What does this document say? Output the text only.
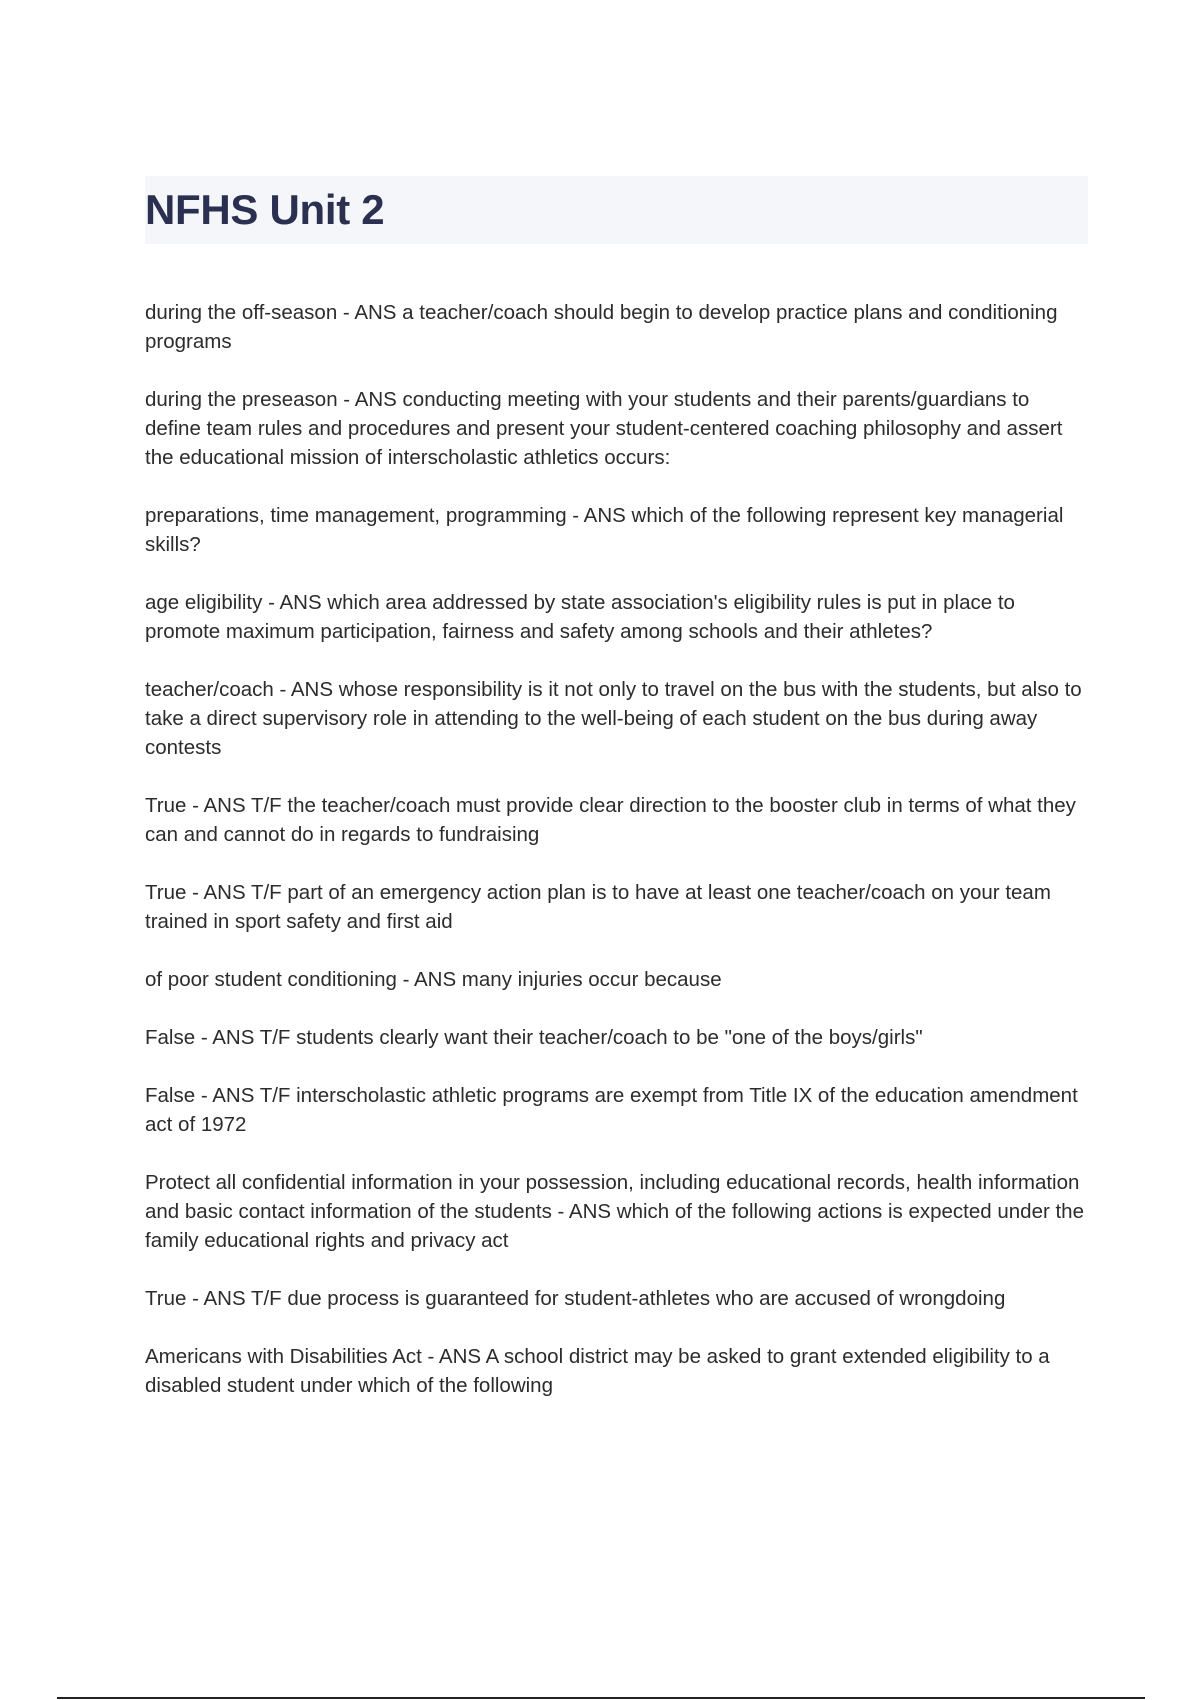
NFHS Unit 2

during the off-season - ANS a teacher/coach should begin to develop practice plans and conditioning programs

during the preseason - ANS conducting meeting with your students and their parents/guardians to define team rules and procedures and present your student-centered coaching philosophy and assert the educational mission of interscholastic athletics occurs:

preparations, time management, programming - ANS which of the following represent key managerial skills?

age eligibility - ANS which area addressed by state association's eligibility rules is put in place to promote maximum participation, fairness and safety among schools and their athletes?

teacher/coach - ANS whose responsibility is it not only to travel on the bus with the students, but also to take a direct supervisory role in attending to the well-being of each student on the bus during away contests

True - ANS T/F the teacher/coach must provide clear direction to the booster club in terms of what they can and cannot do in regards to fundraising

True - ANS T/F part of an emergency action plan is to have at least one teacher/coach on your team trained in sport safety and first aid

of poor student conditioning - ANS many injuries occur because

False - ANS T/F students clearly want their teacher/coach to be "one of the boys/girls"

False - ANS T/F interscholastic athletic programs are exempt from Title IX of the education amendment act of 1972

Protect all confidential information in your possession, including educational records, health information and basic contact information of the students - ANS which of the following actions is expected under the family educational rights and privacy act

True - ANS T/F due process is guaranteed for student-athletes who are accused of wrongdoing

Americans with Disabilities Act - ANS A school district may be asked to grant extended eligibility to a disabled student under which of the following
